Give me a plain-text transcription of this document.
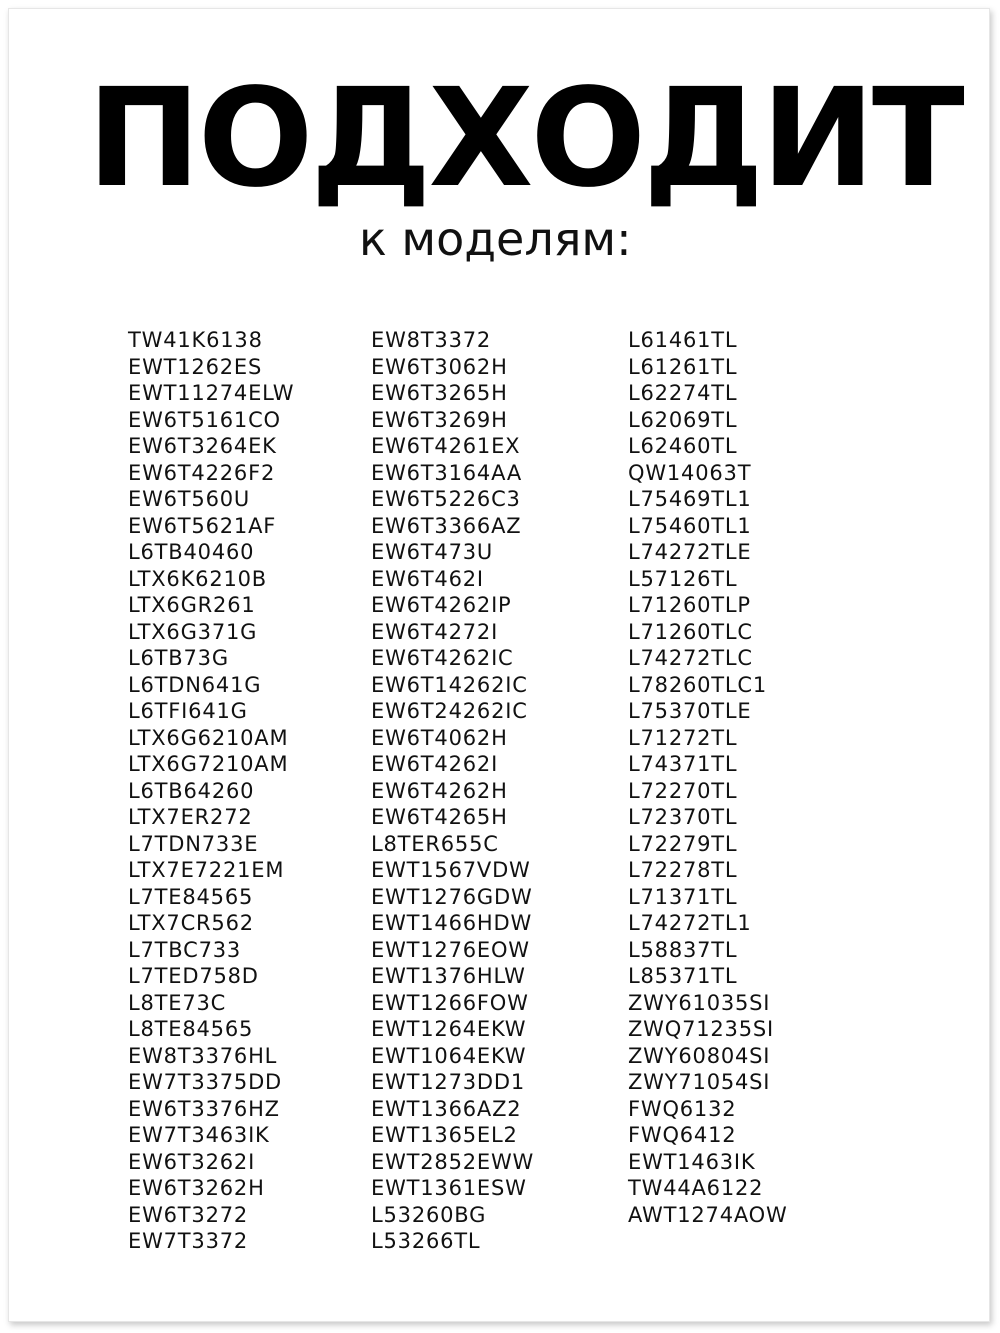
ПОДХОДИТ
к моделям:
TW41K6138
EWT1262ES
EWT11274ELW
EW6T5161CO
EW6T3264EK
EW6T4226F2
EW6T560U
EW6T5621AF
L6TB40460
LTX6K6210B
LTX6GR261
LTX6G371G
L6TB73G
L6TDN641G
L6TFI641G
LTX6G6210AM
LTX6G7210AM
L6TB64260
LTX7ER272
L7TDN733E
LTX7E7221EM
L7TE84565
LTX7CR562
L7TBC733
L7TED758D
L8TE73C
L8TE84565
EW8T3376HL
EW7T3375DD
EW6T3376HZ
EW7T3463IK
EW6T3262I
EW6T3262H
EW6T3272
EW7T3372
EW8T3372
EW6T3062H
EW6T3265H
EW6T3269H
EW6T4261EX
EW6T3164AA
EW6T5226C3
EW6T3366AZ
EW6T473U
EW6T462I
EW6T4262IP
EW6T4272I
EW6T4262IC
EW6T14262IC
EW6T24262IC
EW6T4062H
EW6T4262I
EW6T4262H
EW6T4265H
L8TER655C
EWT1567VDW
EWT1276GDW
EWT1466HDW
EWT1276EOW
EWT1376HLW
EWT1266FOW
EWT1264EKW
EWT1064EKW
EWT1273DD1
EWT1366AZ2
EWT1365EL2
EWT2852EWW
EWT1361ESW
L53260BG
L53266TL
L61461TL
L61261TL
L62274TL
L62069TL
L62460TL
QW14063T
L75469TL1
L75460TL1
L74272TLE
L57126TL
L71260TLP
L71260TLC
L74272TLC
L78260TLC1
L75370TLE
L71272TL
L74371TL
L72270TL
L72370TL
L72279TL
L72278TL
L71371TL
L74272TL1
L58837TL
L85371TL
ZWY61035SI
ZWQ71235SI
ZWY60804SI
ZWY71054SI
FWQ6132
FWQ6412
EWT1463IK
TW44A6122
AWT1274AOW
